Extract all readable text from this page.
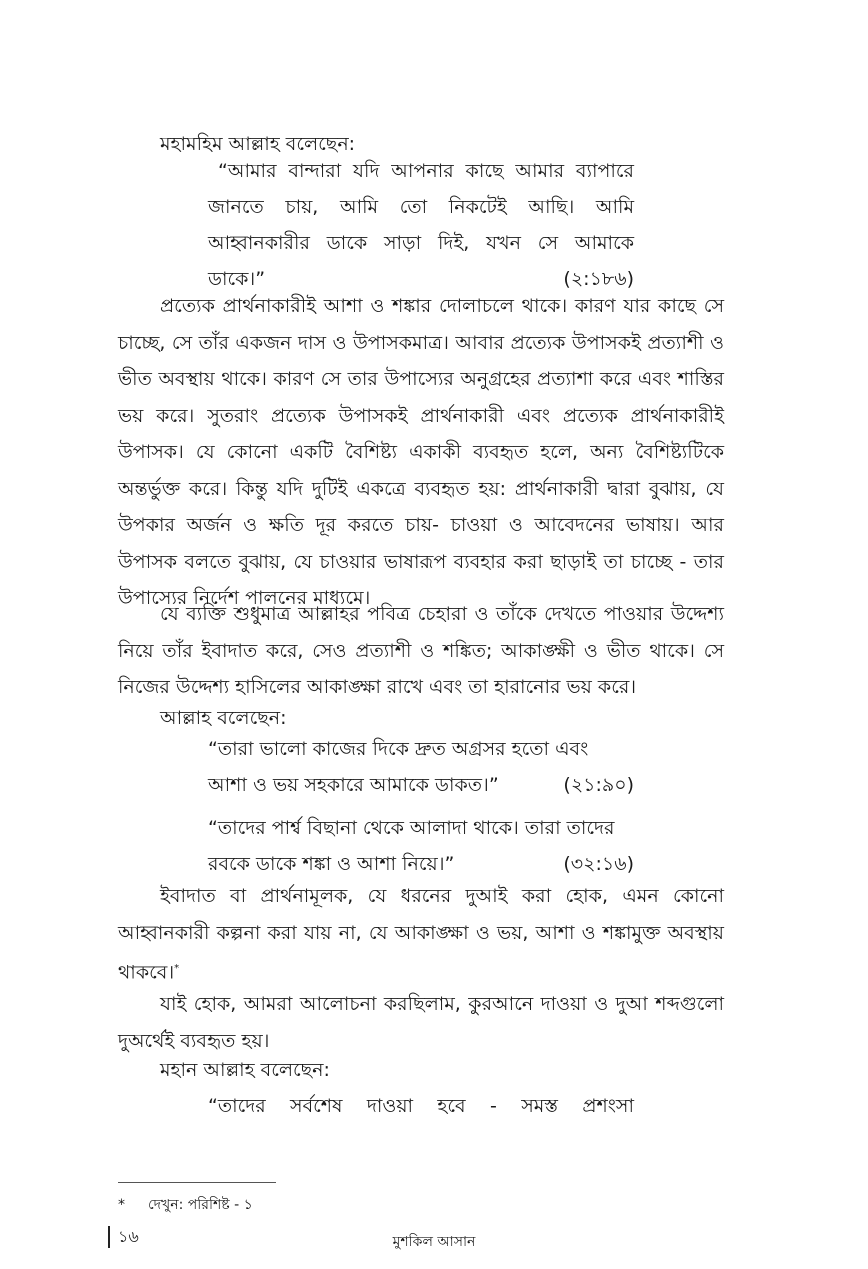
মহামহিম আল্লাহ বলেছেন:
“আমার বান্দারা যদি আপনার কাছে আমার ব্যাপারে জানতে চায়, আমি তো নিকটেই আছি। আমি আহ্বানকারীর ডাকে সাড়া দিই, যখন সে আমাকে
ডাকে।”	(২:১৮৬)

প্রত্যেক প্রার্থনাকারীই আশা ও শঙ্কার দোলাচলে থাকে। কারণ যার কাছে সে চাচ্ছে, সে তাঁর একজন দাস ও উপাসকমাত্র। আবার প্রত্যেক উপাসকই প্রত্যাশী ও ভীত অবস্থায় থাকে। কারণ সে তার উপাস্যের অনুগ্রহের প্রত্যাশা করে এবং শাস্তির ভয় করে। সুতরাং প্রত্যেক উপাসকই প্রার্থনাকারী এবং প্রত্যেক প্রার্থনাকারীই উপাসক। যে কোনো একটি বৈশিষ্ট্য একাকী ব্যবহৃত হলে, অন্য বৈশিষ্ট্যটিকে অন্তর্ভুক্ত করে। কিন্তু যদি দুটিই একত্রে ব্যবহৃত হয়: প্রার্থনাকারী দ্বারা বুঝায়, যে উপকার অর্জন ও ক্ষতি দূর করতে চায়- চাওয়া ও আবেদনের ভাষায়। আর উপাসক বলতে বুঝায়, যে চাওয়ার ভাষারূপ ব্যবহার করা ছাড়াই তা চাচ্ছে - তার উপাস্যের নির্দেশ পালনের মাধ্যমে।

যে ব্যক্তি শুধুমাত্র আল্লাহর পবিত্র চেহারা ও তাঁকে দেখতে পাওয়ার উদ্দেশ্য নিয়ে তাঁর ইবাদাত করে, সেও প্রত্যাশী ও শঙ্কিত; আকাঙ্ক্ষী ও ভীত থাকে। সে নিজের উদ্দেশ্য হাসিলের আকাঙ্ক্ষা রাখে এবং তা হারানোর ভয় করে।

আল্লাহ বলেছেন:
“তারা ভালো কাজের দিকে দ্রুত অগ্রসর হতো এবং
আশা ও ভয় সহকারে আমাকে ডাকত।”	(২১:৯০)
“তাদের পার্শ্ব বিছানা থেকে আলাদা থাকে। তারা তাদের
রবকে ডাকে শঙ্কা ও আশা নিয়ে।”	(৩২:১৬)

ইবাদাত বা প্রার্থনামূলক, যে ধরনের দুআই করা হোক, এমন কোনো আহ্বানকারী কল্পনা করা যায় না, যে আকাঙ্ক্ষা ও ভয়, আশা ও শঙ্কামুক্ত অবস্থায় থাকবে।*

যাই হোক, আমরা আলোচনা করছিলাম, কুরআনে দাওয়া ও দুআ শব্দগুলো দুঅর্থেই ব্যবহৃত হয়।

মহান আল্লাহ বলেছেন:
“তাদের সর্বশেষ দাওয়া হবে - সমস্ত প্রশংসা
* দেখুন: পরিশিষ্ট - ১
১৬	মুশকিল আসান
